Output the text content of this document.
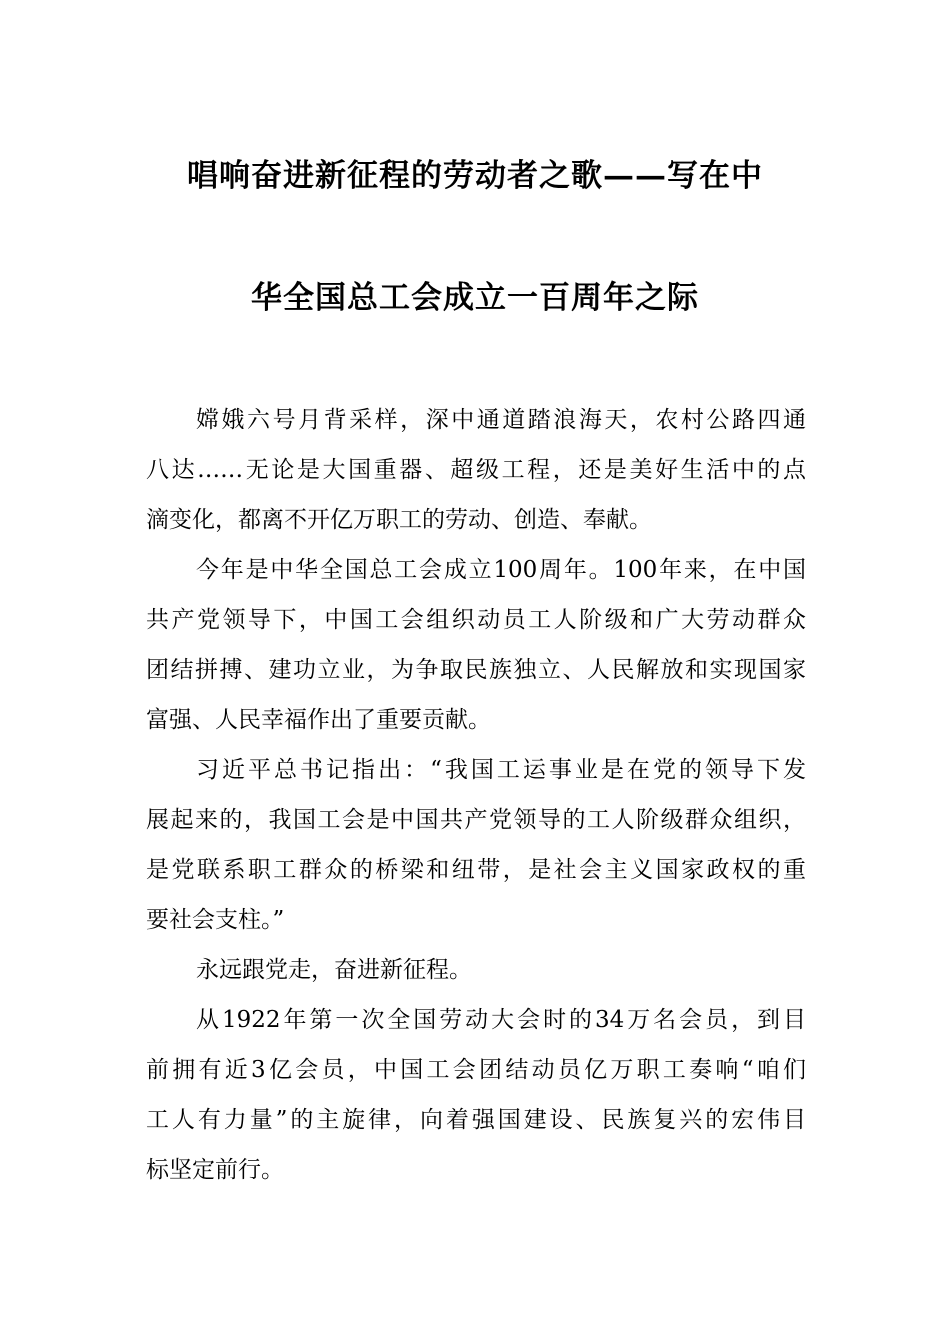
唱响奋进新征程的劳动者之歌——写在中
华全国总工会成立一百周年之际
嫦娥六号月背采样，深中通道踏浪海天，农村公路四通
八达……无论是大国重器、超级工程，还是美好生活中的点
滴变化，都离不开亿万职工的劳动、创造、奉献。
今年是中华全国总工会成立100周年。100年来，在中国
共产党领导下，中国工会组织动员工人阶级和广大劳动群众
团结拼搏、建功立业，为争取民族独立、人民解放和实现国家
富强、人民幸福作出了重要贡献。
习近平总书记指出：“我国工运事业是在党的领导下发
展起来的，我国工会是中国共产党领导的工人阶级群众组织，
是党联系职工群众的桥梁和纽带，是社会主义国家政权的重
要社会支柱。”
永远跟党走，奋进新征程。
从1922年第一次全国劳动大会时的34万名会员，到目
前拥有近3亿会员，中国工会团结动员亿万职工奏响“咱们
工人有力量”的主旋律，向着强国建设、民族复兴的宏伟目
标坚定前行。
